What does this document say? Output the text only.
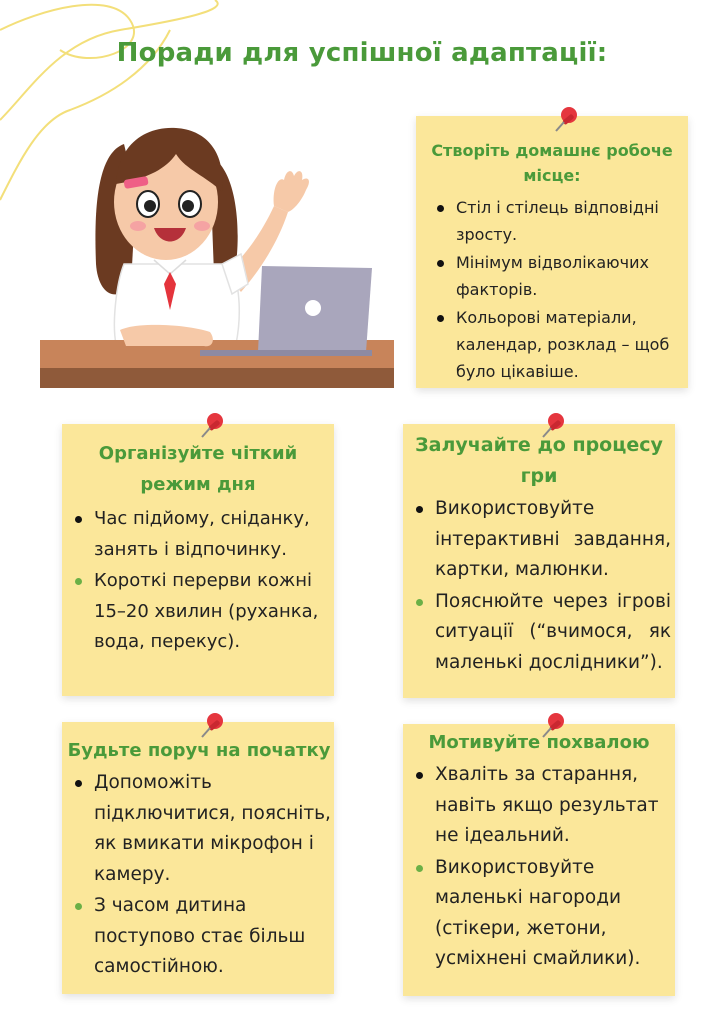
Поради для успішної адаптації:
Створіть домашнє робоче місце:
Стіл і стілець відповідні зросту.
Мінімум відволікаючих факторів.
Кольорові матеріали, календар, розклад – щоб було цікавіше.
Організуйте чіткий режим дня
Час підйому, сніданку, занять і відпочинку.
Короткі перерви кожні 15–20 хвилин (руханка, вода, перекус).
Залучайте до процесу гри
Використовуйте інтерактивні завдання, картки, малюнки.
Пояснюйте через ігрові ситуації (“вчимося, як маленькі дослідники”).
Будьте поруч на початку
Допоможіть підключитися, поясніть, як вмикати мікрофон і камеру.
З часом дитина поступово стає більш самостійною.
Мотивуйте похвалою
Хваліть за старання, навіть якщо результат не ідеальний.
Використовуйте маленькі нагороди (стікери, жетони, усміхнені смайлики).
